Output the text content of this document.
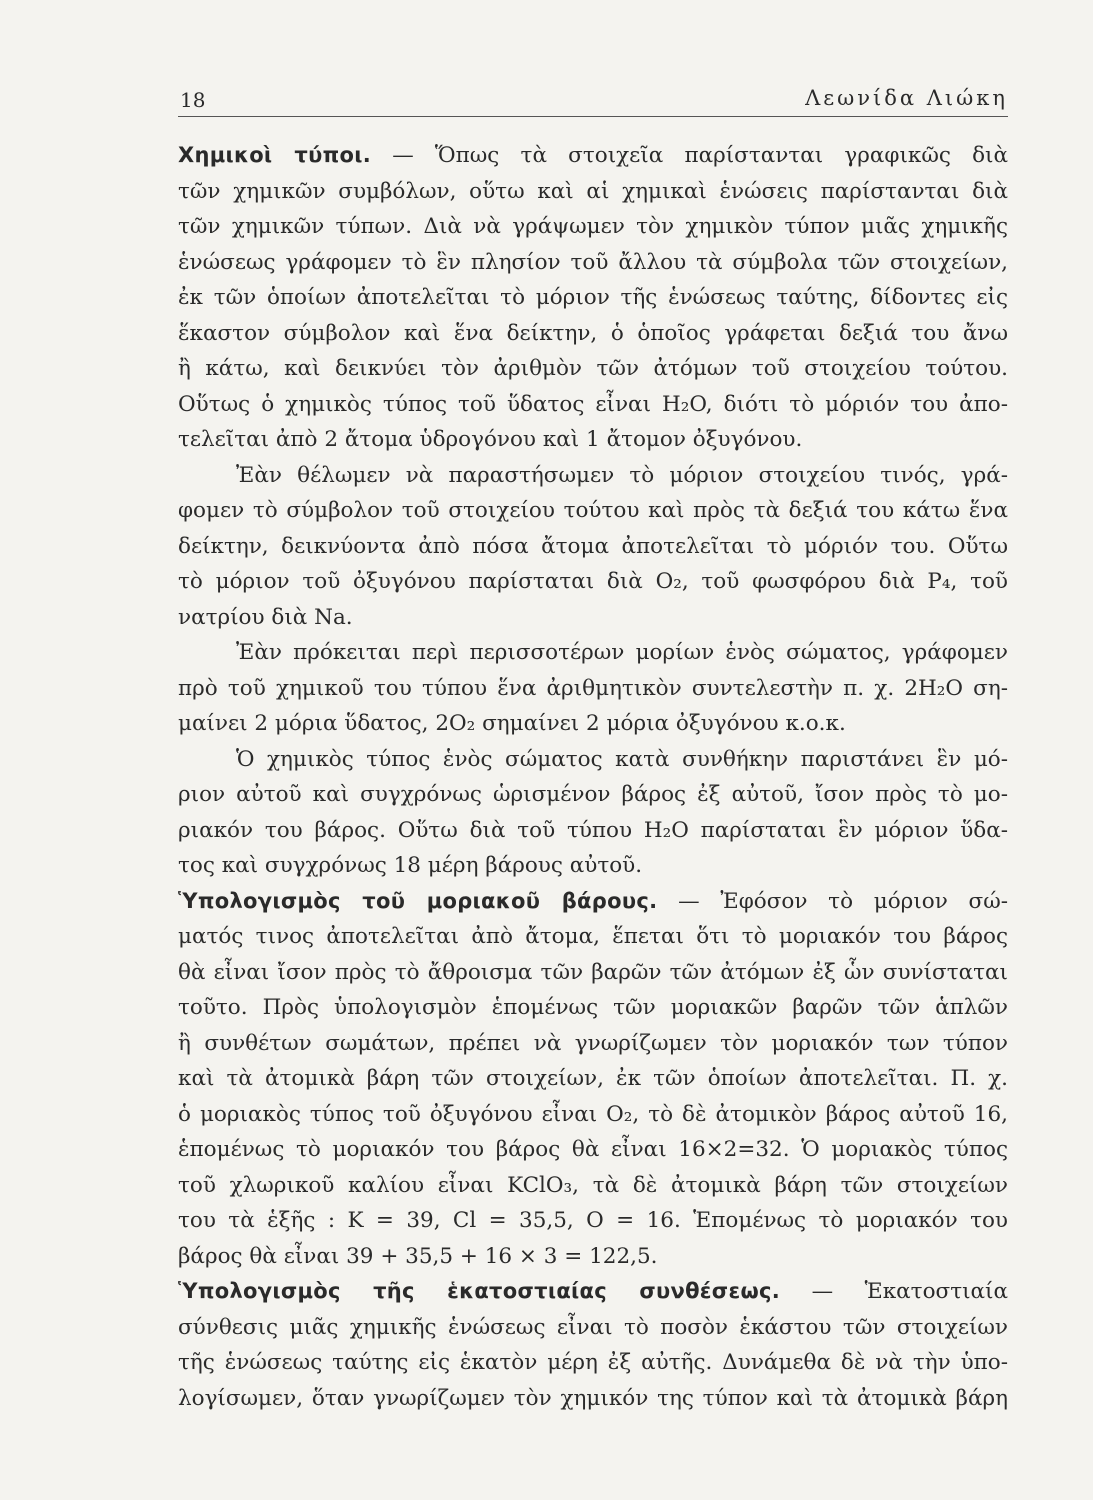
18	Λεωνίδα Λιώκη
Χημικοὶ τύποι. — Ὅπως τὰ στοιχεῖα παρίστανται γραφικῶς διὰ
τῶν χημικῶν συμβόλων, οὕτω καὶ αἱ χημικαὶ ἑνώσεις παρίστανται διὰ
τῶν χημικῶν τύπων. Διὰ νὰ γράψωμεν τὸν χημικὸν τύπον μιᾶς χημικῆς
ἑνώσεως γράφομεν τὸ ἓν πλησίον τοῦ ἄλλου τὰ σύμβολα τῶν στοιχείων,
ἐκ τῶν ὁποίων ἀποτελεῖται τὸ μόριον τῆς ἑνώσεως ταύτης, δίδοντες εἰς
ἕκαστον σύμβολον καὶ ἕνα δείκτην, ὁ ὁποῖος γράφεται δεξιά του ἄνω
ἢ κάτω, καὶ δεικνύει τὸν ἀριθμὸν τῶν ἀτόμων τοῦ στοιχείου τούτου.
Οὕτως ὁ χημικὸς τύπος τοῦ ὕδατος εἶναι H₂O, διότι τὸ μόριόν του ἀπο-
τελεῖται ἀπὸ 2 ἄτομα ὑδρογόνου καὶ 1 ἄτομον ὀξυγόνου.
Ἐὰν θέλωμεν νὰ παραστήσωμεν τὸ μόριον στοιχείου τινός, γρά-
φομεν τὸ σύμβολον τοῦ στοιχείου τούτου καὶ πρὸς τὰ δεξιά του κάτω ἕνα
δείκτην, δεικνύοντα ἀπὸ πόσα ἄτομα ἀποτελεῖται τὸ μόριόν του. Οὕτω
τὸ μόριον τοῦ ὀξυγόνου παρίσταται διὰ O₂, τοῦ φωσφόρου διὰ P₄, τοῦ
νατρίου διὰ Na.
Ἐὰν πρόκειται περὶ περισσοτέρων μορίων ἑνὸς σώματος, γράφομεν
πρὸ τοῦ χημικοῦ του τύπου ἕνα ἀριθμητικὸν συντελεστὴν π. χ. 2H₂O ση-
μαίνει 2 μόρια ὕδατος, 2O₂ σημαίνει 2 μόρια ὀξυγόνου κ.ο.κ.
Ὁ χημικὸς τύπος ἑνὸς σώματος κατὰ συνθήκην παριστάνει ἓν μό-
ριον αὐτοῦ καὶ συγχρόνως ὡρισμένον βάρος ἐξ αὐτοῦ, ἴσον πρὸς τὸ μο-
ριακόν του βάρος. Οὕτω διὰ τοῦ τύπου H₂O παρίσταται ἓν μόριον ὕδα-
τος καὶ συγχρόνως 18 μέρη βάρους αὐτοῦ.
Ὑπολογισμὸς τοῦ μοριακοῦ βάρους. — Ἐφόσον τὸ μόριον σώ-
ματός τινος ἀποτελεῖται ἀπὸ ἄτομα, ἕπεται ὅτι τὸ μοριακόν του βάρος
θὰ εἶναι ἴσον πρὸς τὸ ἄθροισμα τῶν βαρῶν τῶν ἀτόμων ἐξ ὧν συνίσταται
τοῦτο. Πρὸς ὑπολογισμὸν ἑπομένως τῶν μοριακῶν βαρῶν τῶν ἁπλῶν
ἢ συνθέτων σωμάτων, πρέπει νὰ γνωρίζωμεν τὸν μοριακόν των τύπον
καὶ τὰ ἀτομικὰ βάρη τῶν στοιχείων, ἐκ τῶν ὁποίων ἀποτελεῖται. Π. χ.
ὁ μοριακὸς τύπος τοῦ ὀξυγόνου εἶναι O₂, τὸ δὲ ἀτομικὸν βάρος αὐτοῦ 16,
ἑπομένως τὸ μοριακόν του βάρος θὰ εἶναι 16×2=32. Ὁ μοριακὸς τύπος
τοῦ χλωρικοῦ καλίου εἶναι KClO₃, τὰ δὲ ἀτομικὰ βάρη τῶν στοιχείων
του τὰ ἑξῆς : K = 39, Cl = 35,5, O = 16. Ἑπομένως τὸ μοριακόν του
βάρος θὰ εἶναι 39 + 35,5 + 16 × 3 = 122,5.
Ὑπολογισμὸς τῆς ἑκατοστιαίας συνθέσεως. — Ἑκατοστιαία
σύνθεσις μιᾶς χημικῆς ἑνώσεως εἶναι τὸ ποσὸν ἑκάστου τῶν στοιχείων
τῆς ἑνώσεως ταύτης εἰς ἑκατὸν μέρη ἐξ αὐτῆς. Δυνάμεθα δὲ νὰ τὴν ὑπο-
λογίσωμεν, ὅταν γνωρίζωμεν τὸν χημικόν της τύπον καὶ τὰ ἀτομικὰ βάρη
